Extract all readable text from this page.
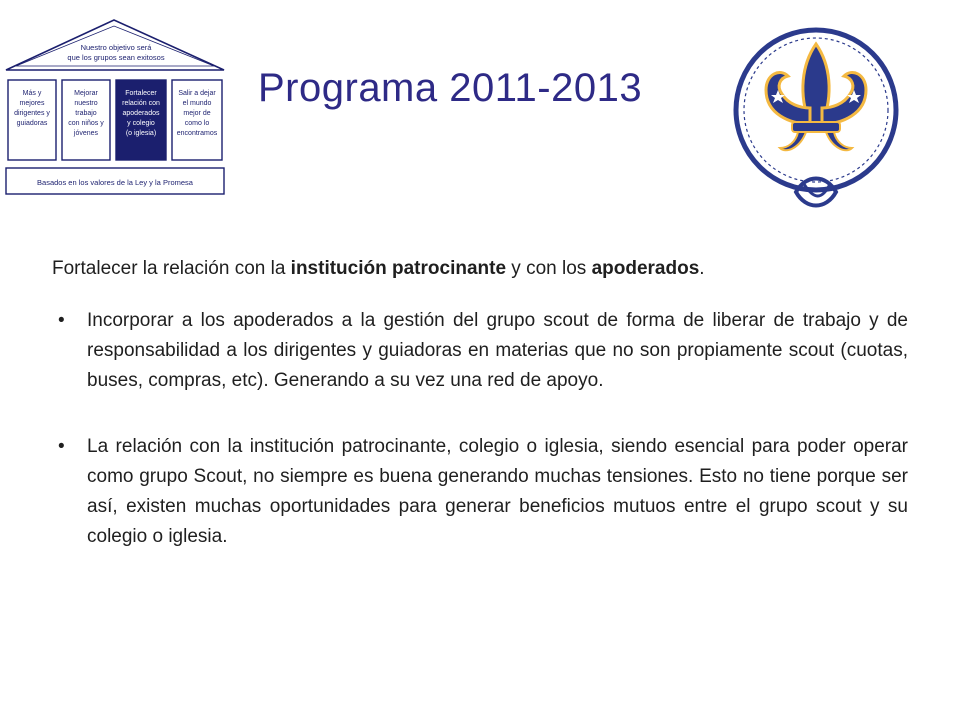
Programa 2011-2013
Nuestro objetivo será
que los grupos sean exitosos
Más y
mejores
dirigentes y
guiadoras
Mejorar
nuestro
trabajo
con niños y
jóvenes
Fortalecer
relación con
apoderados
y colegio
(o iglesia)
Salir a dejar
el mundo
mejor de
como lo
encontramos
Basados en los valores de la Ley y la Promesa

Fortalecer la relación con la institución patrocinante y con los apoderados.

• Incorporar a los apoderados a la gestión del grupo scout de forma de liberar de trabajo y de responsabilidad a los dirigentes y guiadoras en materias que no son propiamente scout (cuotas, buses, compras, etc). Generando a su vez una red de apoyo.
• La relación con la institución patrocinante, colegio o iglesia, siendo esencial para poder operar como grupo Scout, no siempre es buena generando muchas tensiones. Esto no tiene porque ser así, existen muchas oportunidades para generar beneficios mutuos entre el grupo scout y su colegio o iglesia.
